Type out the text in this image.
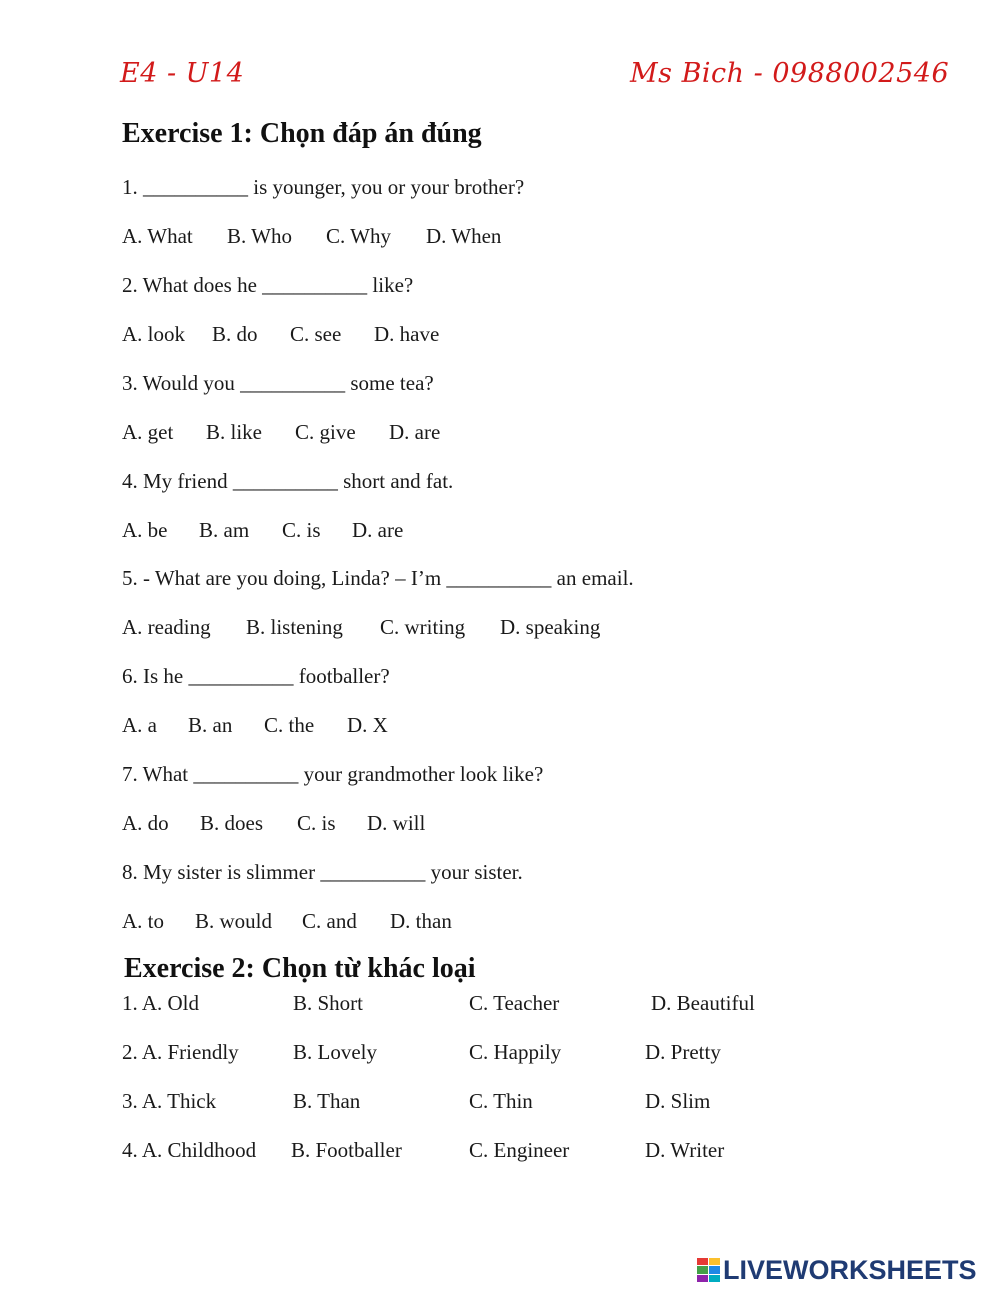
E4 - U14	Ms Bich - 0988002546
Exercise 1: Chọn đáp án đúng
1. __________ is younger, you or your brother?
A. What B. Who C. Why D. When
2. What does he __________ like?
A. look B. do C. see D. have
3. Would you __________ some tea?
A. get B. like C. give D. are
4. My friend __________ short and fat.
A. be B. am C. is D. are
5. - What are you doing, Linda? – I’m __________ an email.
A. reading B. listening C. writing D. speaking
6. Is he __________ footballer?
A. a B. an C. the D. X
7. What __________ your grandmother look like?
A. do B. does C. is D. will
8. My sister is slimmer __________ your sister.
A. to B. would C. and D. than
Exercise 2: Chọn từ khác loại
1. A. Old	B. Short	C. Teacher	D. Beautiful
2. A. Friendly	B. Lovely	C. Happily	D. Pretty
3. A. Thick	B. Than	C. Thin	D. Slim
4. A. Childhood B. Footballer	C. Engineer	D. Writer
LIVEWORKSHEETS
